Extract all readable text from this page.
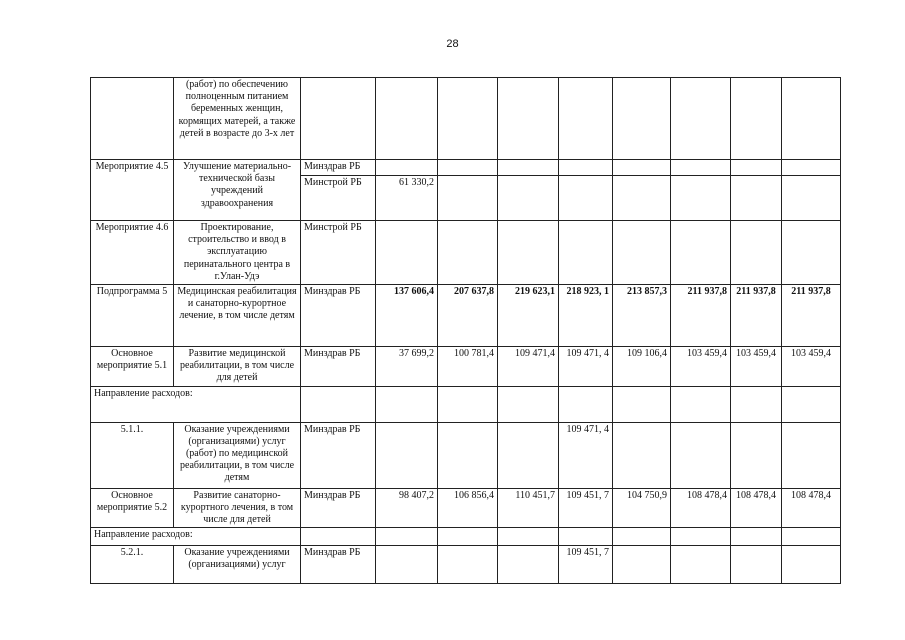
28
	(работ) по обеспечению полноценным питанием беременных женщин, кормящих матерей, а также детей в возрасте до 3-х лет									
Мероприятие 4.5	Улучшение материально-технической базы учреждений здравоохранения	Минздрав РБ								
		Минстрой РБ	61 330,2							
Мероприятие 4.6	Проектирование, строительство и ввод в эксплуатацию перинатального центра в г.Улан-Удэ	Минстрой РБ								
Подпрограмма 5	Медицинская реабилитация и санаторно-курортное лечение, в том числе детям	Минздрав РБ	137 606,4	207 637,8	219 623,1	218 923, 1	213 857,3	211 937,8	211 937,8	211 937,8
Основное мероприятие 5.1	Развитие медицинской реабилитации, в том числе для детей	Минздрав РБ	37 699,2	100 781,4	109 471,4	109 471, 4	109 106,4	103 459,4	103 459,4	103 459,4
Направление расходов:										
5.1.1.	Оказание учреждениями (организациями) услуг (работ) по медицинской реабилитации, в том числе детям	Минздрав РБ				109 471, 4				
Основное мероприятие 5.2	Развитие санаторно-курортного лечения, в том числе для детей	Минздрав РБ	98 407,2	106 856,4	110 451,7	109 451, 7	104 750,9	108 478,4	108 478,4	108 478,4
Направление расходов:										
5.2.1.	Оказание учреждениями (организациями) услуг	Минздрав РБ				109 451, 7				
